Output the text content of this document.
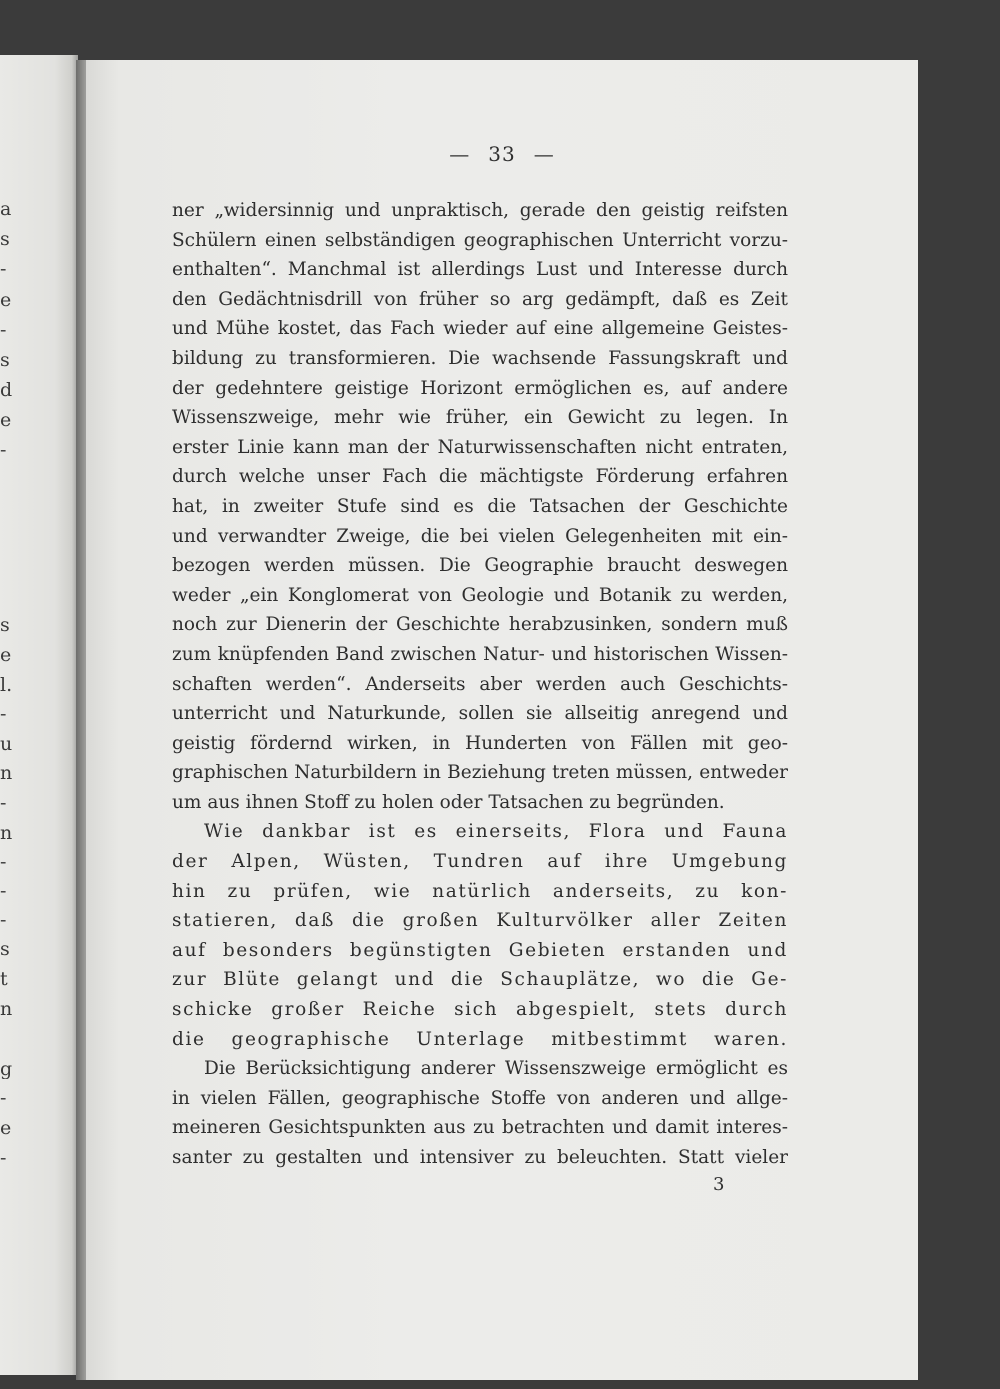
a
s
-
e
-
s
d
e
-
s
e
l.
-
u
n
-
n
-
-
-
s
t
n
g
-
e
-
— 33 —
ner „widersinnig und unpraktisch, gerade den geistig reifsten
Schülern einen selbständigen geographischen Unterricht vorzu-
enthalten“. Manchmal ist allerdings Lust und Interesse durch
den Gedächtnisdrill von früher so arg gedämpft, daß es Zeit
und Mühe kostet, das Fach wieder auf eine allgemeine Geistes-
bildung zu transformieren. Die wachsende Fassungskraft und
der gedehntere geistige Horizont ermöglichen es, auf andere
Wissenszweige, mehr wie früher, ein Gewicht zu legen. In
erster Linie kann man der Naturwissenschaften nicht entraten,
durch welche unser Fach die mächtigste Förderung erfahren
hat, in zweiter Stufe sind es die Tatsachen der Geschichte
und verwandter Zweige, die bei vielen Gelegenheiten mit ein-
bezogen werden müssen. Die Geographie braucht deswegen
weder „ein Konglomerat von Geologie und Botanik zu werden,
noch zur Dienerin der Geschichte herabzusinken, sondern muß
zum knüpfenden Band zwischen Natur- und historischen Wissen-
schaften werden“. Anderseits aber werden auch Geschichts-
unterricht und Naturkunde, sollen sie allseitig anregend und
geistig fördernd wirken, in Hunderten von Fällen mit geo-
graphischen Naturbildern in Beziehung treten müssen, entweder
um aus ihnen Stoff zu holen oder Tatsachen zu begründen.
Wie dankbar ist es einerseits, Flora und Fauna
der Alpen, Wüsten, Tundren auf ihre Umgebung
hin zu prüfen, wie natürlich anderseits, zu kon-
statieren, daß die großen Kulturvölker aller Zeiten
auf besonders begünstigten Gebieten erstanden und
zur Blüte gelangt und die Schauplätze, wo die Ge-
schicke großer Reiche sich abgespielt, stets durch
die geographische Unterlage mitbestimmt waren.
Die Berücksichtigung anderer Wissenszweige ermöglicht es
in vielen Fällen, geographische Stoffe von anderen und allge-
meineren Gesichtspunkten aus zu betrachten und damit interes-
santer zu gestalten und intensiver zu beleuchten. Statt vieler
3
